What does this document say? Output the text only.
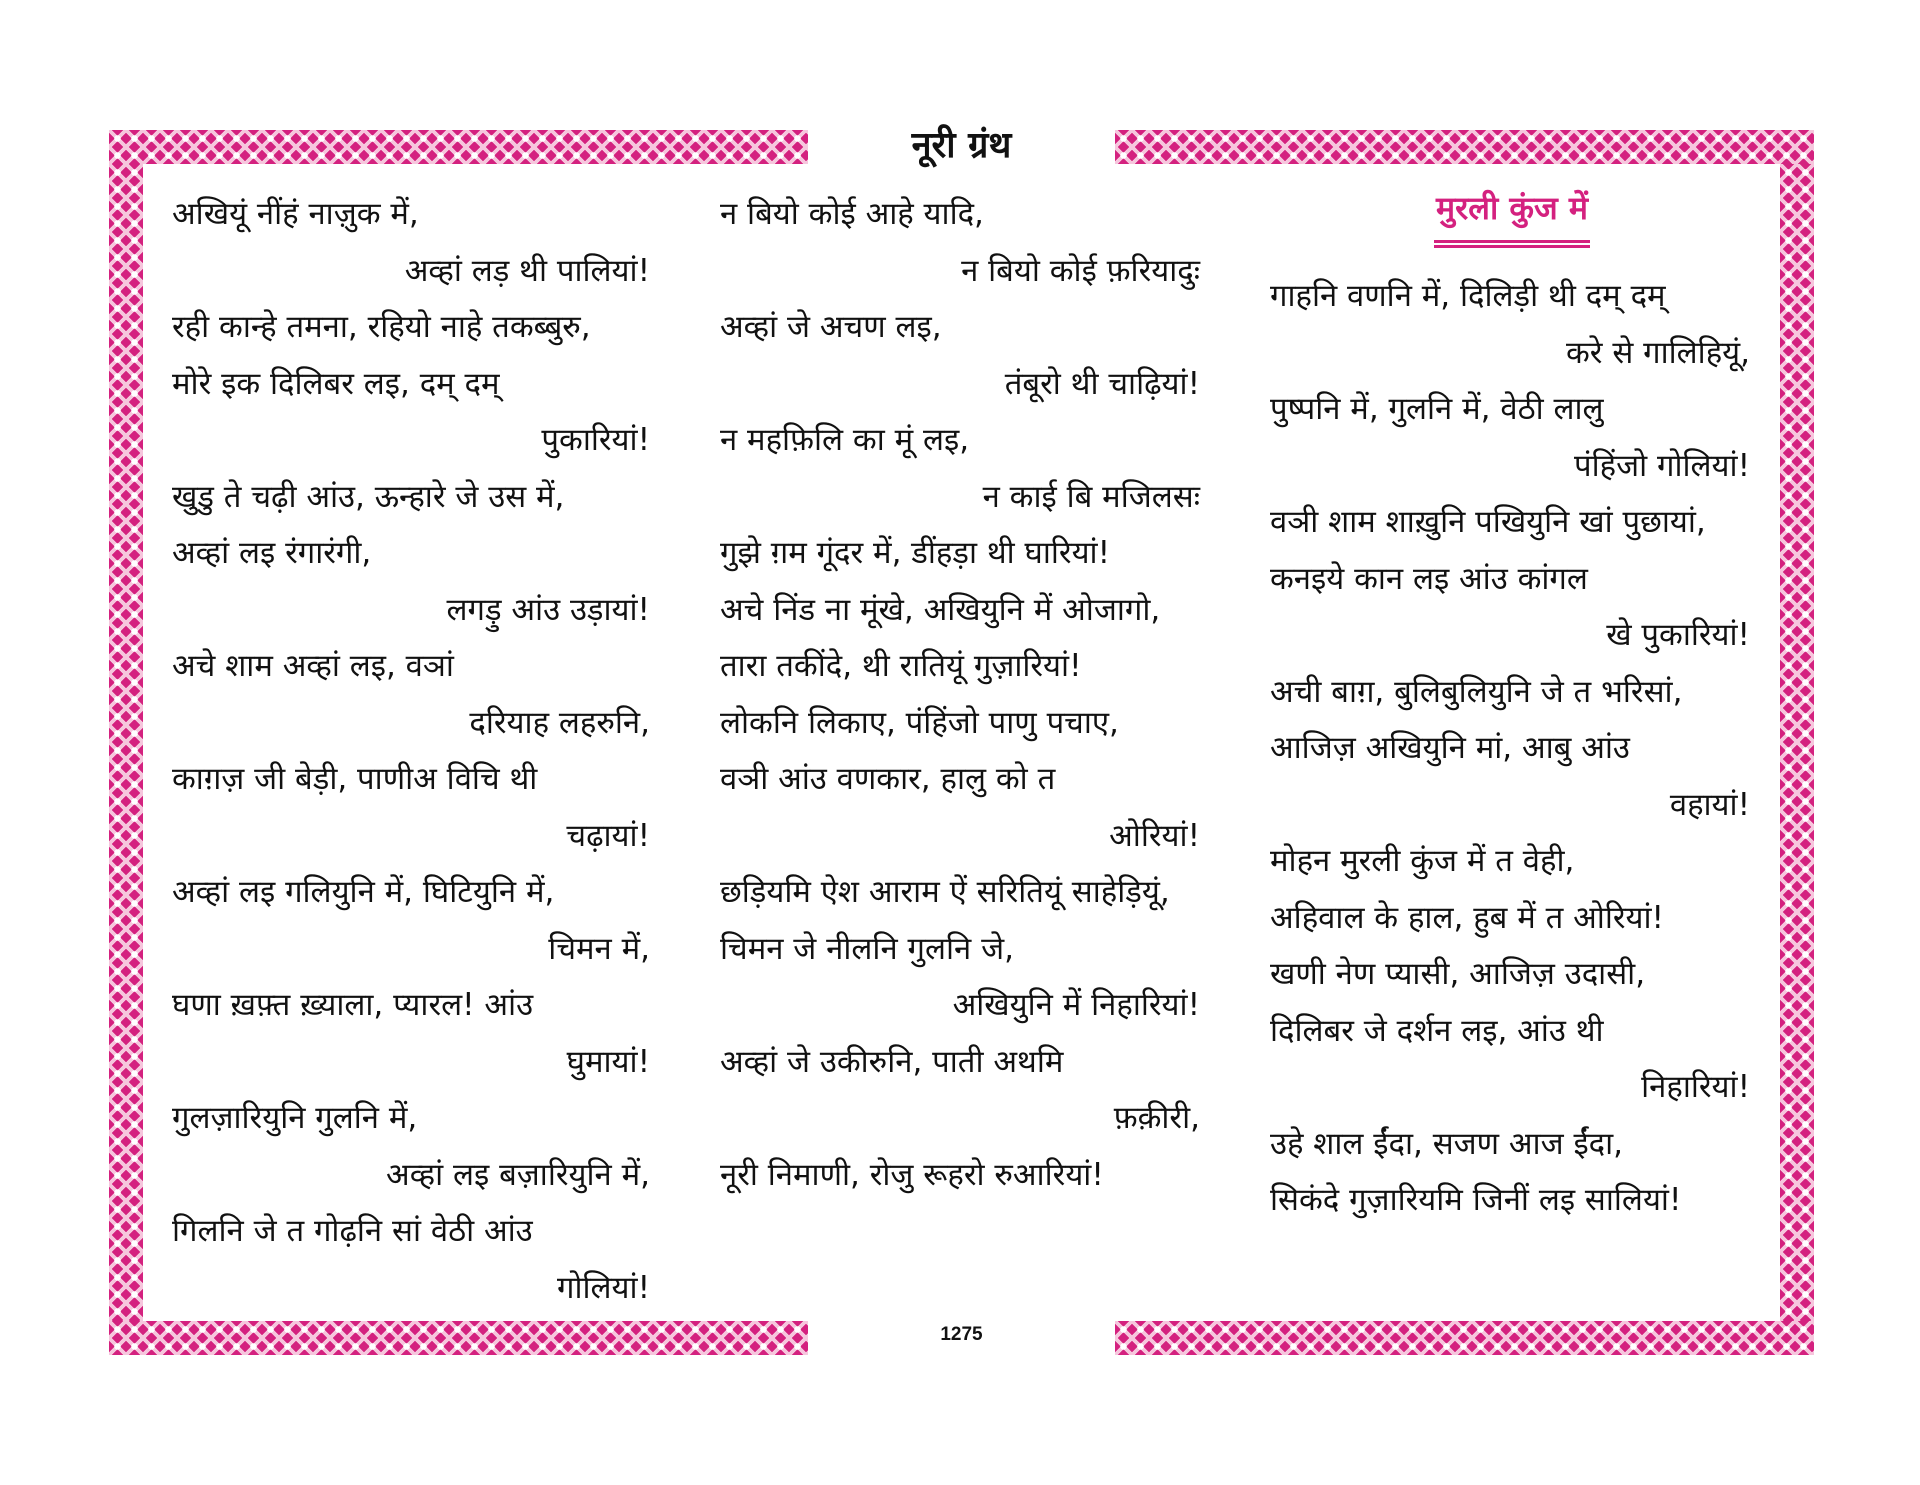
नूरी ग्रंथ
अखियूं नींहं नाज़ुक में,
अव्हां लड़ थी पालियां!
रही कान्हे तमना, रहियो नाहे तकब्बुरु,
मोरे इक दिलिबर लइ, दम् दम्
पुकारियां!
खुडु ते चढ़ी आंउ, ऊन्हारे जे उस में,
अव्हां लइ रंगारंगी,
लगड़ु आंउ उड़ायां!
अचे शाम अव्हां लइ, वञां
दरियाह लहरुनि,
काग़ज़ जी बेड़ी, पाणीअ विचि थी
चढ़ायां!
अव्हां लइ गलियुनि में, घिटियुनि में,
चिमन में,
घणा ख़फ़्त ख़्याला, प्यारल! आंउ
घुमायां!
गुलज़ारियुनि गुलनि में,
अव्हां लइ बज़ारियुनि में,
गिलनि जे त गोढ़नि सां वेठी आंउ
गोलियां!
न बियो कोई आहे यादि,
न बियो कोई फ़रियादुः
अव्हां जे अचण लइ,
तंबूरो थी चाढ़ियां!
न महफ़िलि का मूं लइ,
न काई बि मजिलसः
गुझे ग़म गूंदर में, डींहड़ा थी घारियां!
अचे निंड ना मूंखे, अखियुनि में ओजागो,
तारा तकींदे, थी रातियूं गुज़ारियां!
लोकनि लिकाए, पंहिंजो पाणु पचाए,
वञी आंउ वणकार, हालु को त
ओरियां!
छड़ियमि ऐश आराम ऐं सरितियूं साहेड़ियूं,
चिमन जे नीलनि गुलनि जे,
अखियुनि में निहारियां!
अव्हां जे उकीरुनि, पाती अथमि
फ़क़ीरी,
नूरी निमाणी, रोजु रूहरो रुआरियां!
मुरली कुंज में
गाहनि वणनि में, दिलिड़ी थी दम् दम्
करे से गालिहियूं,
पुष्पनि में, गुलनि में, वेठी लालु
पंहिंजो गोलियां!
वञी शाम शाख़ुनि पखियुनि खां पुछायां,
कनइये कान लइ आंउ कांगल
खे पुकारियां!
अची बाग़, बुलिबुलियुनि जे त भरिसां,
आजिज़ अखियुनि मां, आबु आंउ
वहायां!
मोहन मुरली कुंज में त वेही,
अहिवाल के हाल, हुब में त ओरियां!
खणी नेण प्यासी, आजिज़ उदासी,
दिलिबर जे दर्शन लइ, आंउ थी
निहारियां!
उहे शाल ईंदा, सजण आज ईंदा,
सिकंदे गुज़ारियमि जिनीं लइ सालियां!
1275
